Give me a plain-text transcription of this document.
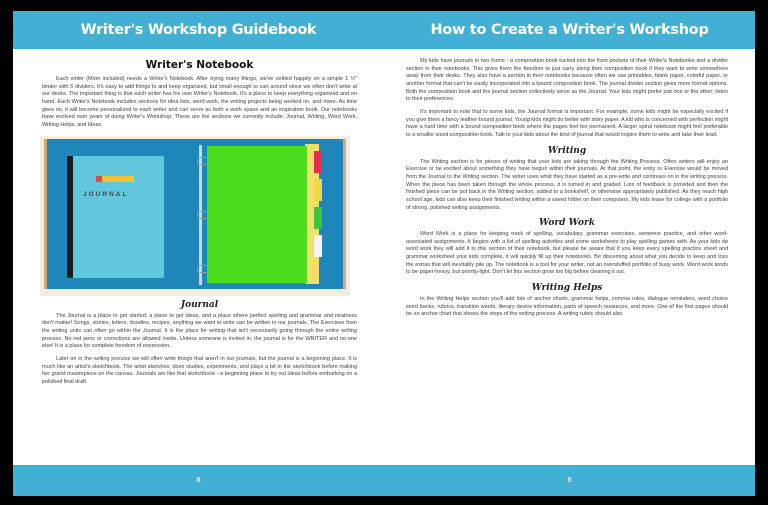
Writer's Workshop Guidebook
Writer's Notebook

Each writer (Mom included) needs a Writer's Notebook. After trying many things, we've settled happily on a simple 1 ½" binder with 5 dividers. It's easy to add things to and keep organized, but small enough to cart around since we often don't write at our desks. The important thing is that each writer has his own Writer's Notebook. It's a place to keep everything organized and on hand. Each Writer's Notebook includes sections for idea lists, word work, the writing projects being worked on, and more. As time goes on, it will become personalized to each writer and can serve as both a work space and an inspiration book. Our notebooks have evolved over years of doing Writer's Workshop. These are the sections we currently include: Journal, Writing, Word Work, Writing Helps, and Ideas.

JOURNAL
Journal

The Journal is a place to get started, a place to get ideas, and a place where perfect spelling and grammar and neatness don't matter! Songs, stories, letters, doodles, recipes, anything we want to write can be written in our journals. The Exercises from the writing units can often go within the Journal. It is the place for writing that isn't necessarily going through the entire writing process. No red pens or corrections are allowed inside. Unless someone is invited in, the journal is for the WRITER and no one else! It is a place for complete freedom of expression.

Later on in the writing process we will often write things that aren't in our journals, but the journal is a beginning place. It is much like an artist's sketchbook. The artist sketches, does studies, experiments, and plays a bit in the sketchbook before making her grand masterpiece on the canvas. Journals are like that sketchbook - a beginning place to try out ideas before embarking on a polished final draft.

8
How to Create a Writer's Workshop

My kids have journals in two forms - a composition book tucked into the front pockets of their Writer's Notebooks and a divider section in their notebooks. This gives them the freedom to just carry along their composition book if they want to write somewhere away from their desks. They also have a section in their notebooks because often we use printables, blank paper, colorful paper, or another format that can't be easily incorporated into a bound composition book. The journal divider section gives more format options. Both the composition book and the journal section collectively serve as the Journal. Your kids might prefer just one or the other; listen to their preferences.

It's important to note that to some kids, the Journal format is important. For example, some kids might be especially excited if you give them a fancy leather-bound journal. Young kids might do better with story paper. A kid who is concerned with perfection might have a hard time with a bound composition book where the pages feel too permanent. A larger spiral notebook might feel preferable to a smaller sized composition book. Talk to your kids about the kind of journal that would inspire them to write and take their lead.

Writing

The Writing section is for pieces of writing that your kids are taking through the Writing Process. Often writers will enjoy an Exercise or be excited about something they have begun within their journals. At that point, the entry or Exercise would be moved from the Journal to the Writing section. The writer uses what they have started as a pre-write and continues on in the writing process. When the piece has been taken through the whole process, it is turned in and graded. Lots of feedback is provided and then the finished piece can be put back in the Writing section, added to a bookshelf, or otherwise appropriately published. As they reach high school age, kids can also keep their finished writing within a saved folder on their computers. My kids leave for college with a portfolio of strong, polished writing assignments.

Word Work

Word Work is a place for keeping track of spelling, vocabulary, grammar exercises, sentence practice, and other word-associated assignments. It begins with a list of spelling activities and some worksheets to play spelling games with. As your kids do word work they will add it to this section of their notebook, but please be aware that if you keep every spelling practice sheet and grammar worksheet your kids complete, it will quickly fill up their notebooks. Be discerning about what you decide to keep and toss the extras that will inevitably pile up. The notebook is a tool for your writer, not an overstuffed portfolio of busy work. Word work tends to be paper-heavy, but priority-light. Don't let this section grow too big before cleaning it out.

Writing Helps

In the Writing Helps section you'll add lots of anchor charts, grammar helps, comma rules, dialogue reminders, word choice word banks, rubrics, transition words, literary device information, parts of speech resources, and more. One of the first pages should be an anchor chart that shows the steps of the writing process. A writing rubric should also

9
